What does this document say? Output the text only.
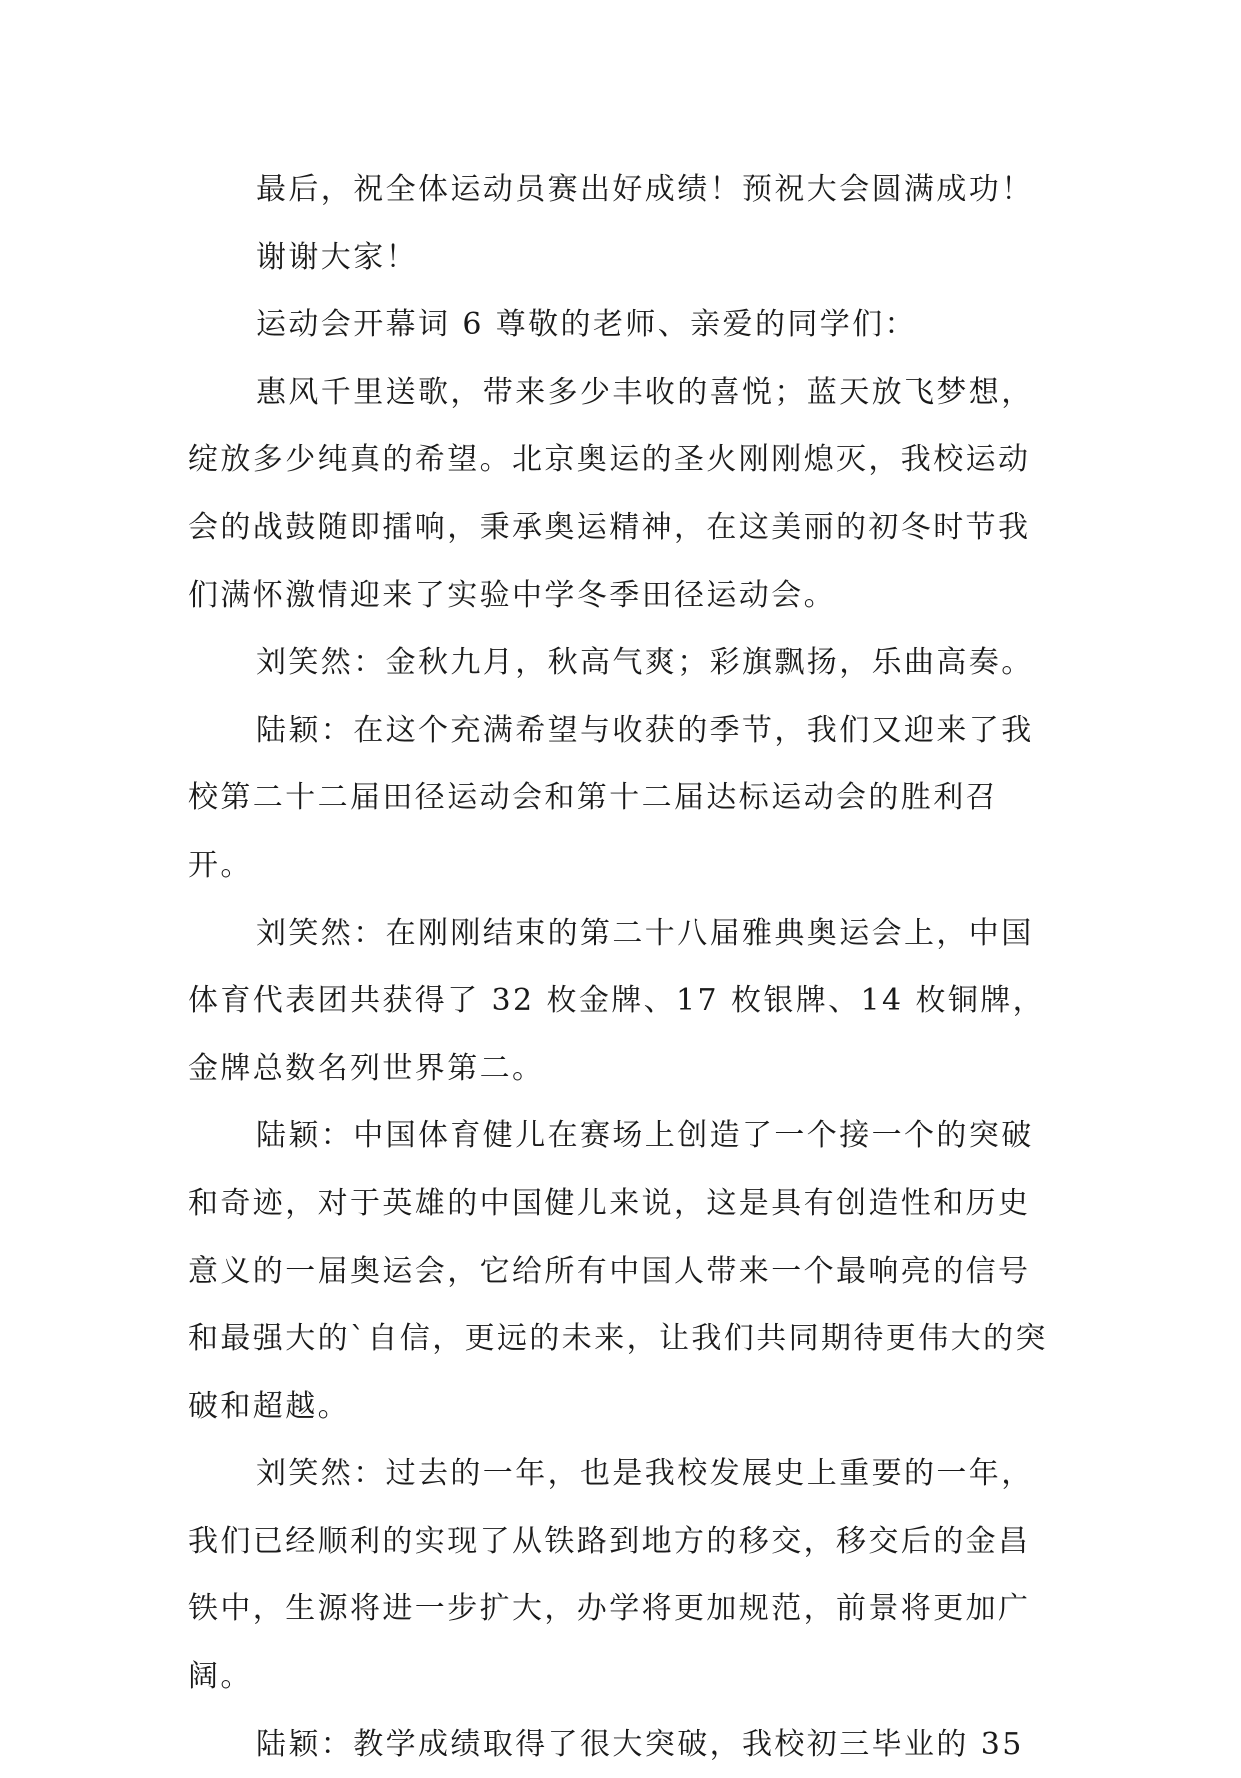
最后，祝全体运动员赛出好成绩！预祝大会圆满成功！

谢谢大家！

运动会开幕词 6 尊敬的老师、亲爱的同学们：

惠风千里送歌，带来多少丰收的喜悦；蓝天放飞梦想，绽放多少纯真的希望。北京奥运的圣火刚刚熄灭，我校运动会的战鼓随即擂响，秉承奥运精神，在这美丽的初冬时节我们满怀激情迎来了实验中学冬季田径运动会。

刘笑然：金秋九月，秋高气爽；彩旗飘扬，乐曲高奏。

陆颖：在这个充满希望与收获的季节，我们又迎来了我校第二十二届田径运动会和第十二届达标运动会的胜利召开。

刘笑然：在刚刚结束的第二十八届雅典奥运会上，中国体育代表团共获得了 32 枚金牌、17 枚银牌、14 枚铜牌，金牌总数名列世界第二。

陆颖：中国体育健儿在赛场上创造了一个接一个的突破和奇迹，对于英雄的中国健儿来说，这是具有创造性和历史意义的一届奥运会，它给所有中国人带来一个最响亮的信号和最强大的`自信，更远的未来，让我们共同期待更伟大的突破和超越。

刘笑然：过去的一年，也是我校发展史上重要的一年，我们已经顺利的实现了从铁路到地方的移交，移交后的金昌铁中，生源将进一步扩大，办学将更加规范，前景将更加广阔。

陆颖：教学成绩取得了很大突破，我校初三毕业的 35
